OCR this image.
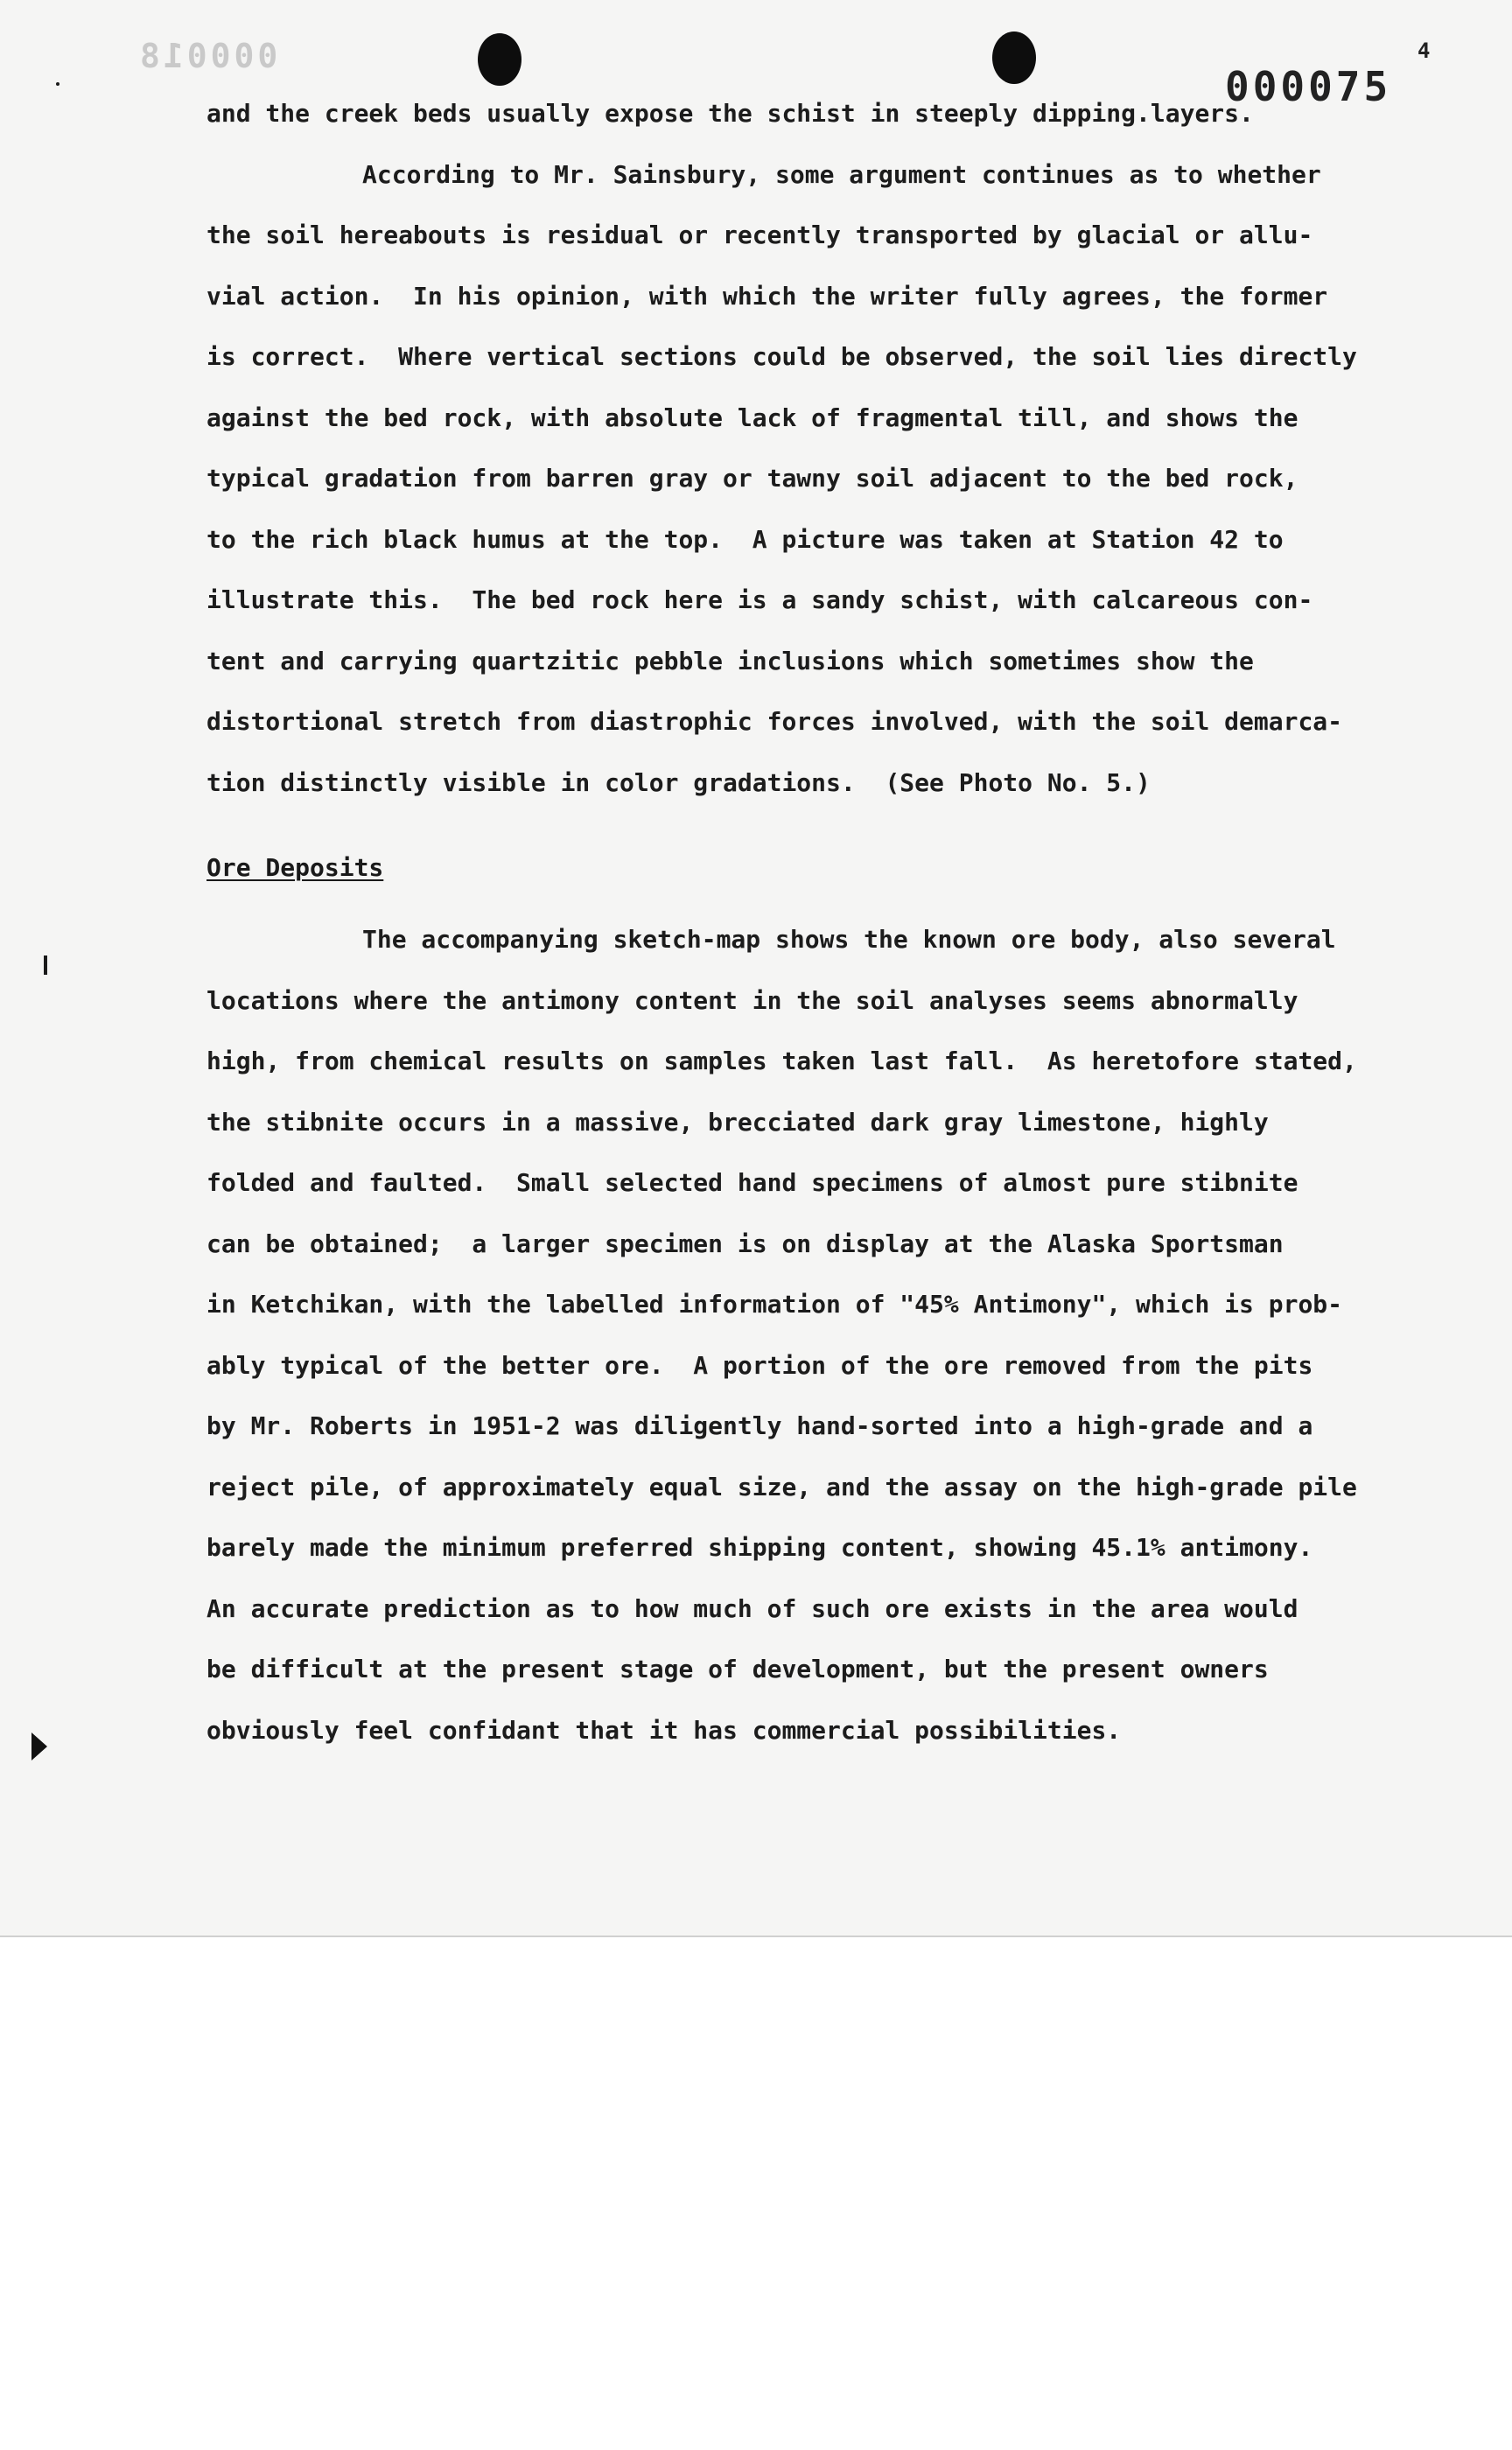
000018
000075
4
and the creek beds usually expose the schist in steeply dipping.layers.
According to Mr. Sainsbury, some argument continues as to whether
the soil hereabouts is residual or recently transported by glacial or allu-
vial action.  In his opinion, with which the writer fully agrees, the former
is correct.  Where vertical sections could be observed, the soil lies directly
against the bed rock, with absolute lack of fragmental till, and shows the
typical gradation from barren gray or tawny soil adjacent to the bed rock,
to the rich black humus at the top.  A picture was taken at Station 42 to
illustrate this.  The bed rock here is a sandy schist, with calcareous con-
tent and carrying quartzitic pebble inclusions which sometimes show the
distortional stretch from diastrophic forces involved, with the soil demarca-
tion distinctly visible in color gradations.  (See Photo No. 5.)
Ore Deposits
The accompanying sketch-map shows the known ore body, also several
locations where the antimony content in the soil analyses seems abnormally
high, from chemical results on samples taken last fall.  As heretofore stated,
the stibnite occurs in a massive, brecciated dark gray limestone, highly
folded and faulted.  Small selected hand specimens of almost pure stibnite
can be obtained;  a larger specimen is on display at the Alaska Sportsman
in Ketchikan, with the labelled information of "45% Antimony", which is prob-
ably typical of the better ore.  A portion of the ore removed from the pits
by Mr. Roberts in 1951-2 was diligently hand-sorted into a high-grade and a
reject pile, of approximately equal size, and the assay on the high-grade pile
barely made the minimum preferred shipping content, showing 45.1% antimony.
An accurate prediction as to how much of such ore exists in the area would
be difficult at the present stage of development, but the present owners
obviously feel confidant that it has commercial possibilities.
